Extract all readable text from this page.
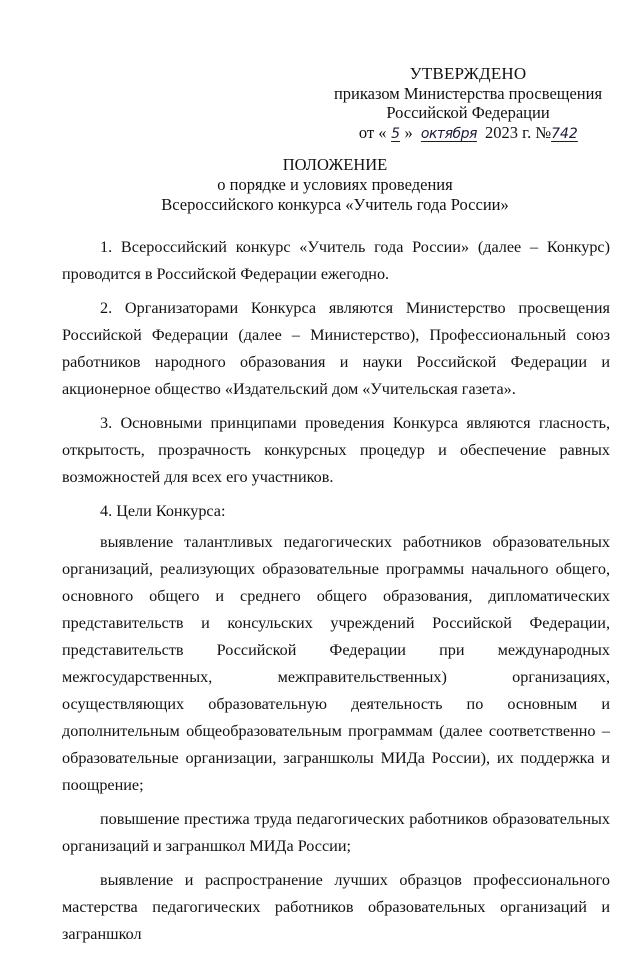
УТВЕРЖДЕНО
приказом Министерства просвещения
Российской Федерации
от « 5 » октября 2023 г. №742
ПОЛОЖЕНИЕ
о порядке и условиях проведения
Всероссийского конкурса «Учитель года России»

1. Всероссийский конкурс «Учитель года России» (далее – Конкурс) проводится в Российской Федерации ежегодно.

2. Организаторами Конкурса являются Министерство просвещения Российской Федерации (далее – Министерство), Профессиональный союз работников народного образования и науки Российской Федерации и акционерное общество «Издательский дом «Учительская газета».

3. Основными принципами проведения Конкурса являются гласность, открытость, прозрачность конкурсных процедур и обеспечение равных возможностей для всех его участников.

4. Цели Конкурса:

выявление талантливых педагогических работников образовательных организаций, реализующих образовательные программы начального общего, основного общего и среднего общего образования, дипломатических представительств и консульских учреждений Российской Федерации, представительств Российской Федерации при международных межгосударственных, межправительственных) организациях, осуществляющих образовательную деятельность по основным и дополнительным общеобразовательным программам (далее соответственно – образовательные организации, заграншколы МИДа России), их поддержка и поощрение;

повышение престижа труда педагогических работников образовательных организаций и заграншкол МИДа России;

выявление и распространение лучших образцов профессионального мастерства педагогических работников образовательных организаций и заграншкол
